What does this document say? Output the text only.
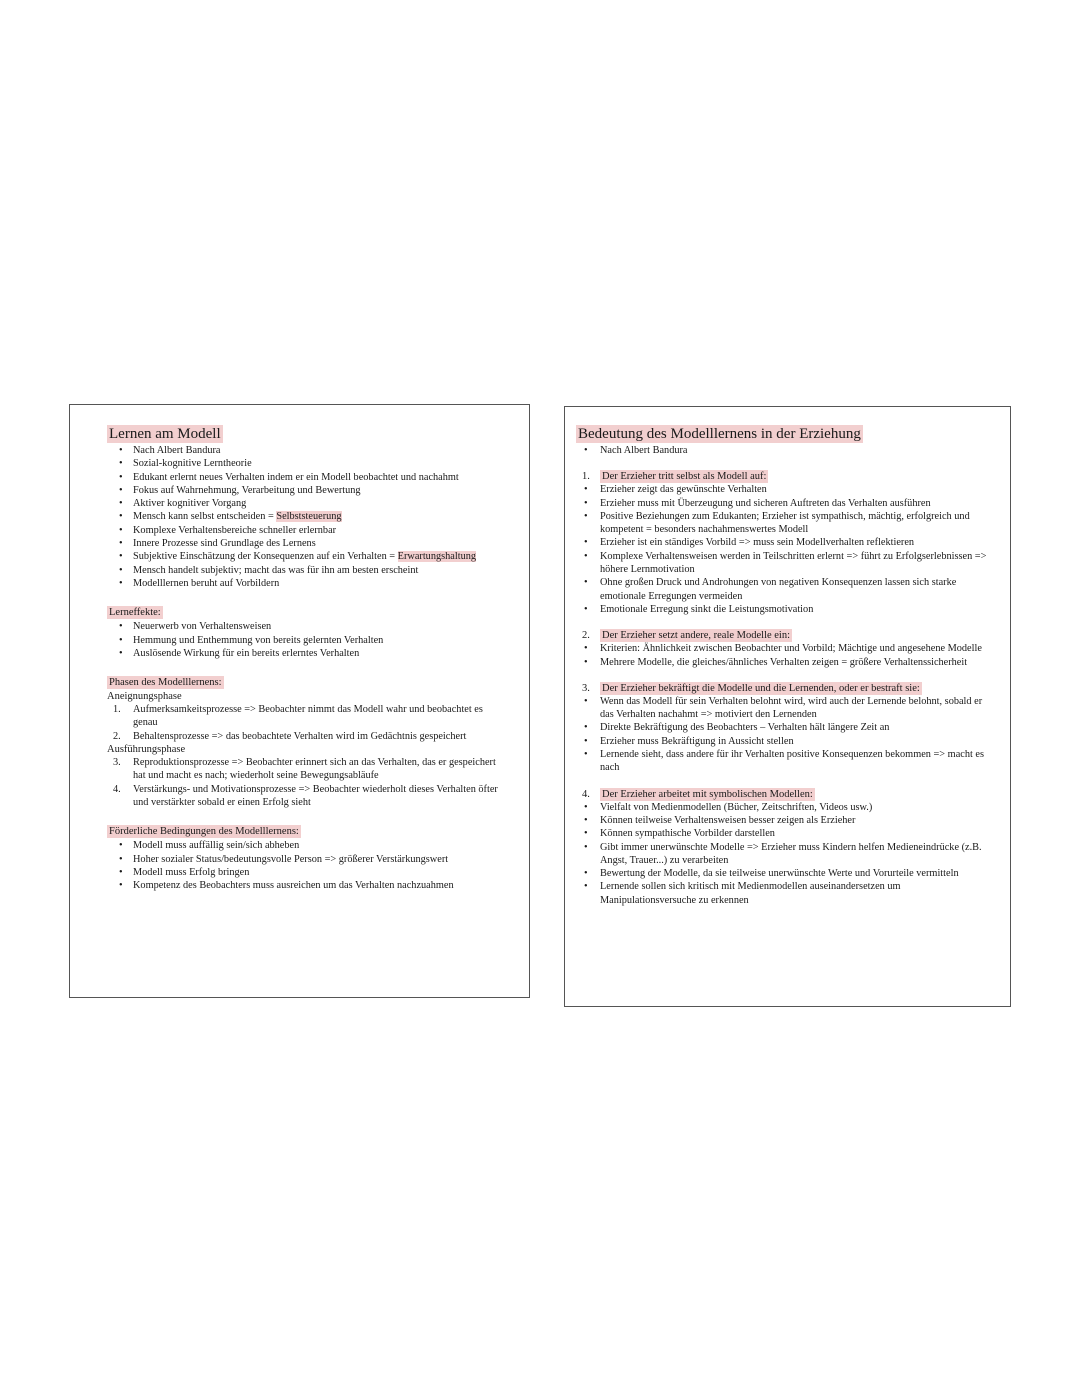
Lernen am Modell
• Nach Albert Bandura
• Sozial-kognitive Lerntheorie
• Edukant erlernt neues Verhalten indem er ein Modell beobachtet und nachahmt
• Fokus auf Wahrnehmung, Verarbeitung und Bewertung
• Aktiver kognitiver Vorgang
• Mensch kann selbst entscheiden = Selbststeuerung
• Komplexe Verhaltensbereiche schneller erlernbar
• Innere Prozesse sind Grundlage des Lernens
• Subjektive Einschätzung der Konsequenzen auf ein Verhalten = Erwartungshaltung
• Mensch handelt subjektiv; macht das was für ihn am besten erscheint
• Modelllernen beruht auf Vorbildern
Lerneffekte:
• Neuerwerb von Verhaltensweisen
• Hemmung und Enthemmung von bereits gelernten Verhalten
• Auslösende Wirkung für ein bereits erlerntes Verhalten
Phasen des Modelllernens:
Aneignungsphase
1. Aufmerksamkeitsprozesse => Beobachter nimmt das Modell wahr und beobachtet es genau
2. Behaltensprozesse => das beobachtete Verhalten wird im Gedächtnis gespeichert
Ausführungsphase
3. Reproduktionsprozesse => Beobachter erinnert sich an das Verhalten, das er gespeichert hat und macht es nach; wiederholt seine Bewegungsabläufe
4. Verstärkungs- und Motivationsprozesse => Beobachter wiederholt dieses Verhalten öfter und verstärkter sobald er einen Erfolg sieht
Förderliche Bedingungen des Modelllernens:
• Modell muss auffällig sein/sich abheben
• Hoher sozialer Status/bedeutungsvolle Person => größerer Verstärkungswert
• Modell muss Erfolg bringen
• Kompetenz des Beobachters muss ausreichen um das Verhalten nachzuahmen
Bedeutung des Modelllernens in der Erziehung
• Nach Albert Bandura
1. Der Erzieher tritt selbst als Modell auf:
• Erzieher zeigt das gewünschte Verhalten
• Erzieher muss mit Überzeugung und sicheren Auftreten das Verhalten ausführen
• Positive Beziehungen zum Edukanten; Erzieher ist sympathisch, mächtig, erfolgreich und kompetent = besonders nachahmenswertes Modell
• Erzieher ist ein ständiges Vorbild => muss sein Modellverhalten reflektieren
• Komplexe Verhaltensweisen werden in Teilschritten erlernt => führt zu Erfolgserlebnissen => höhere Lernmotivation
• Ohne großen Druck und Androhungen von negativen Konsequenzen lassen sich starke emotionale Erregungen vermeiden
• Emotionale Erregung sinkt die Leistungsmotivation
2. Der Erzieher setzt andere, reale Modelle ein:
• Kriterien: Ähnlichkeit zwischen Beobachter und Vorbild; Mächtige und angesehene Modelle
• Mehrere Modelle, die gleiches/ähnliches Verhalten zeigen = größere Verhaltenssicherheit
3. Der Erzieher bekräftigt die Modelle und die Lernenden, oder er bestraft sie:
• Wenn das Modell für sein Verhalten belohnt wird, wird auch der Lernende belohnt, sobald er das Verhalten nachahmt => motiviert den Lernenden
• Direkte Bekräftigung des Beobachters – Verhalten hält längere Zeit an
• Erzieher muss Bekräftigung in Aussicht stellen
• Lernende sieht, dass andere für ihr Verhalten positive Konsequenzen bekommen => macht es nach
4. Der Erzieher arbeitet mit symbolischen Modellen:
• Vielfalt von Medienmodellen (Bücher, Zeitschriften, Videos usw.)
• Können teilweise Verhaltensweisen besser zeigen als Erzieher
• Können sympathische Vorbilder darstellen
• Gibt immer unerwünschte Modelle => Erzieher muss Kindern helfen Medieneindrücke (z.B. Angst, Trauer...) zu verarbeiten
• Bewertung der Modelle, da sie teilweise unerwünschte Werte und Vorurteile vermitteln
• Lernende sollen sich kritisch mit Medienmodellen auseinandersetzen um Manipulationsversuche zu erkennen
